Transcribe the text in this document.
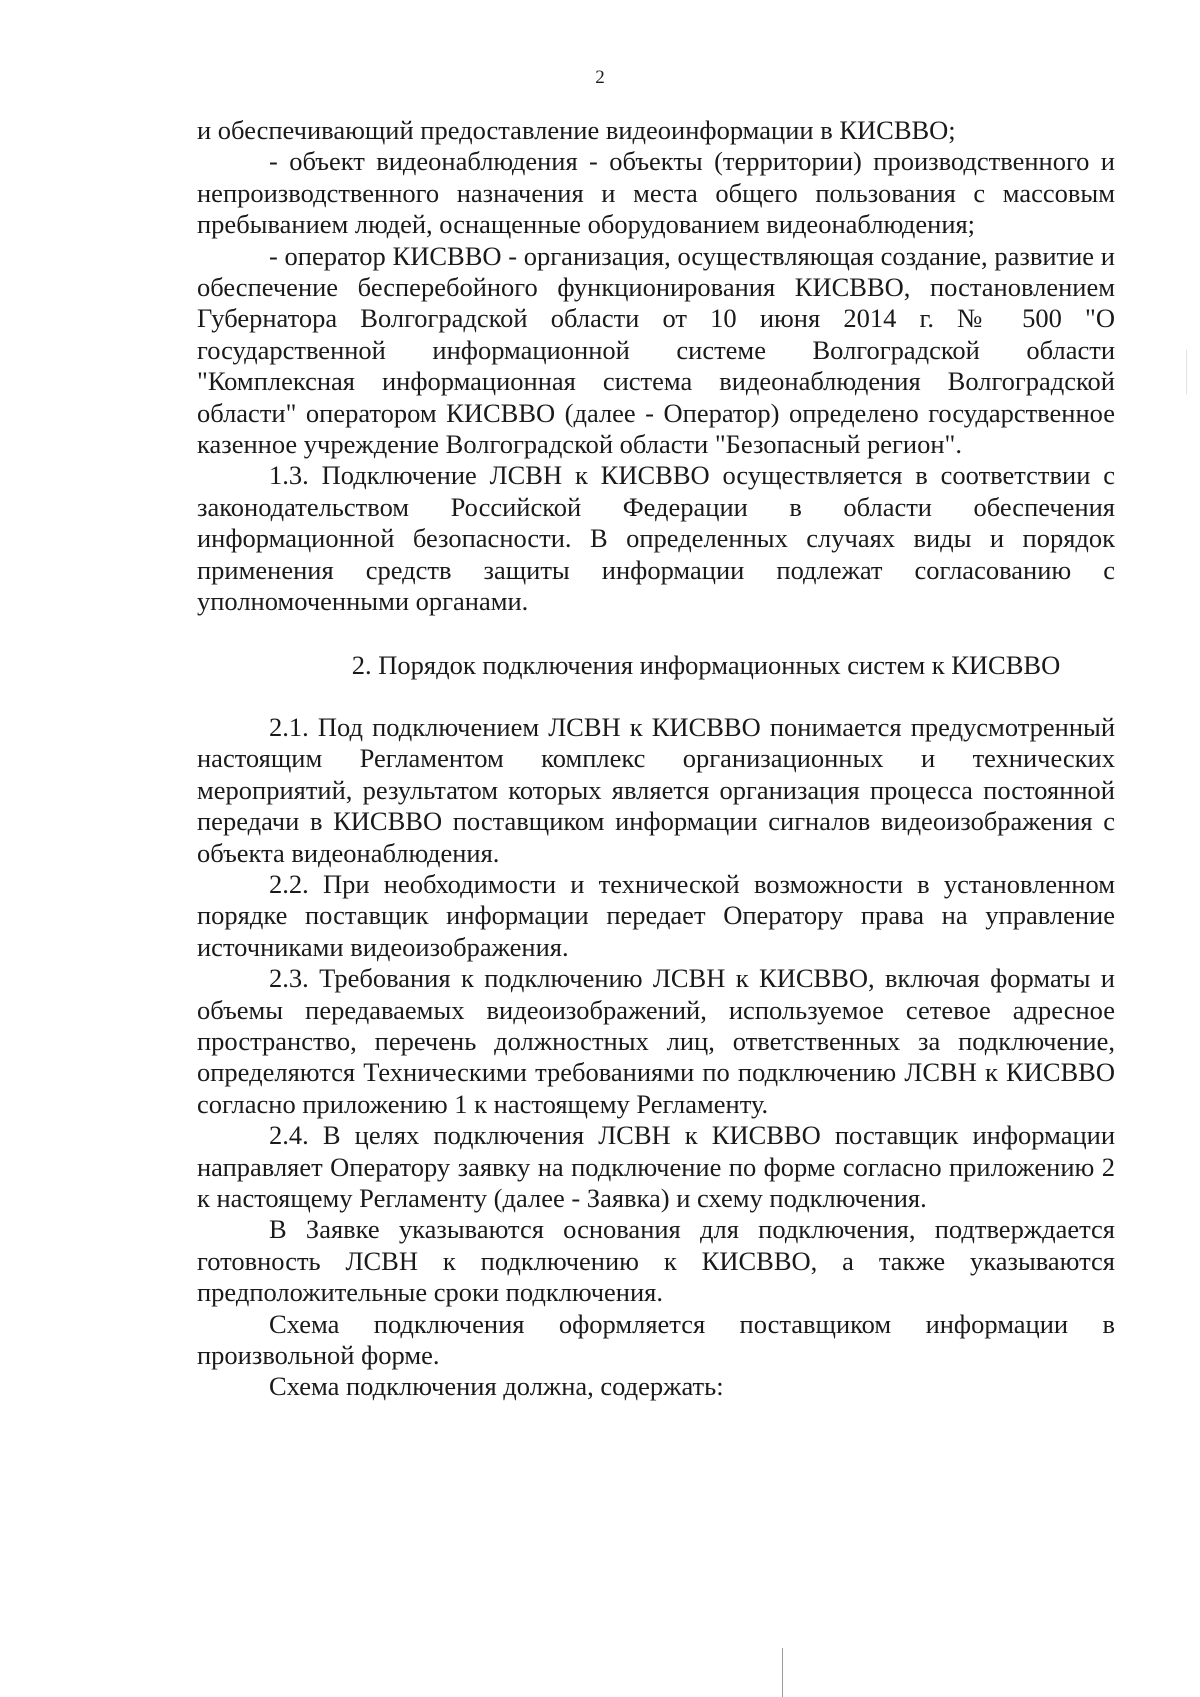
2

и обеспечивающий предоставление видеоинформации в КИСВВО;

- объект видеонаблюдения - объекты (территории) производственного и непроизводственного назначения и места общего пользования с массовым пребыванием людей, оснащенные оборудованием видеонаблюдения;

- оператор КИСВВО - организация, осуществляющая создание, развитие и обеспечение бесперебойного функционирования КИСВВО, постановлением Губернатора Волгоградской области от 10 июня 2014 г. № 500 "О государственной информационной системе Волгоградской области "Комплексная информационная система видеонаблюдения Волгоградской области" оператором КИСВВО (далее - Оператор) определено государственное казенное учреждение Волгоградской области "Безопасный регион".

1.3. Подключение ЛСВН к КИСВВО осуществляется в соответствии с законодательством Российской Федерации в области обеспечения информационной безопасности. В определенных случаях виды и порядок применения средств защиты информации подлежат согласованию с уполномоченными органами.

2. Порядок подключения информационных систем к КИСВВО

2.1. Под подключением ЛСВН к КИСВВО понимается предусмотренный настоящим Регламентом комплекс организационных и технических мероприятий, результатом которых является организация процесса постоянной передачи в КИСВВО поставщиком информации сигналов видеоизображения с объекта видеонаблюдения.

2.2. При необходимости и технической возможности в установленном порядке поставщик информации передает Оператору права на управление источниками видеоизображения.

2.3. Требования к подключению ЛСВН к КИСВВО, включая форматы и объемы передаваемых видеоизображений, используемое сетевое адресное пространство, перечень должностных лиц, ответственных за подключение, определяются Техническими требованиями по подключению ЛСВН к КИСВВО согласно приложению 1 к настоящему Регламенту.

2.4. В целях подключения ЛСВН к КИСВВО поставщик информации направляет Оператору заявку на подключение по форме согласно приложению 2 к настоящему Регламенту (далее - Заявка) и схему подключения.

В Заявке указываются основания для подключения, подтверждается готовность ЛСВН к подключению к КИСВВО, а также указываются предположительные сроки подключения.

Схема подключения оформляется поставщиком информации в произвольной форме.

Схема подключения должна, содержать:
